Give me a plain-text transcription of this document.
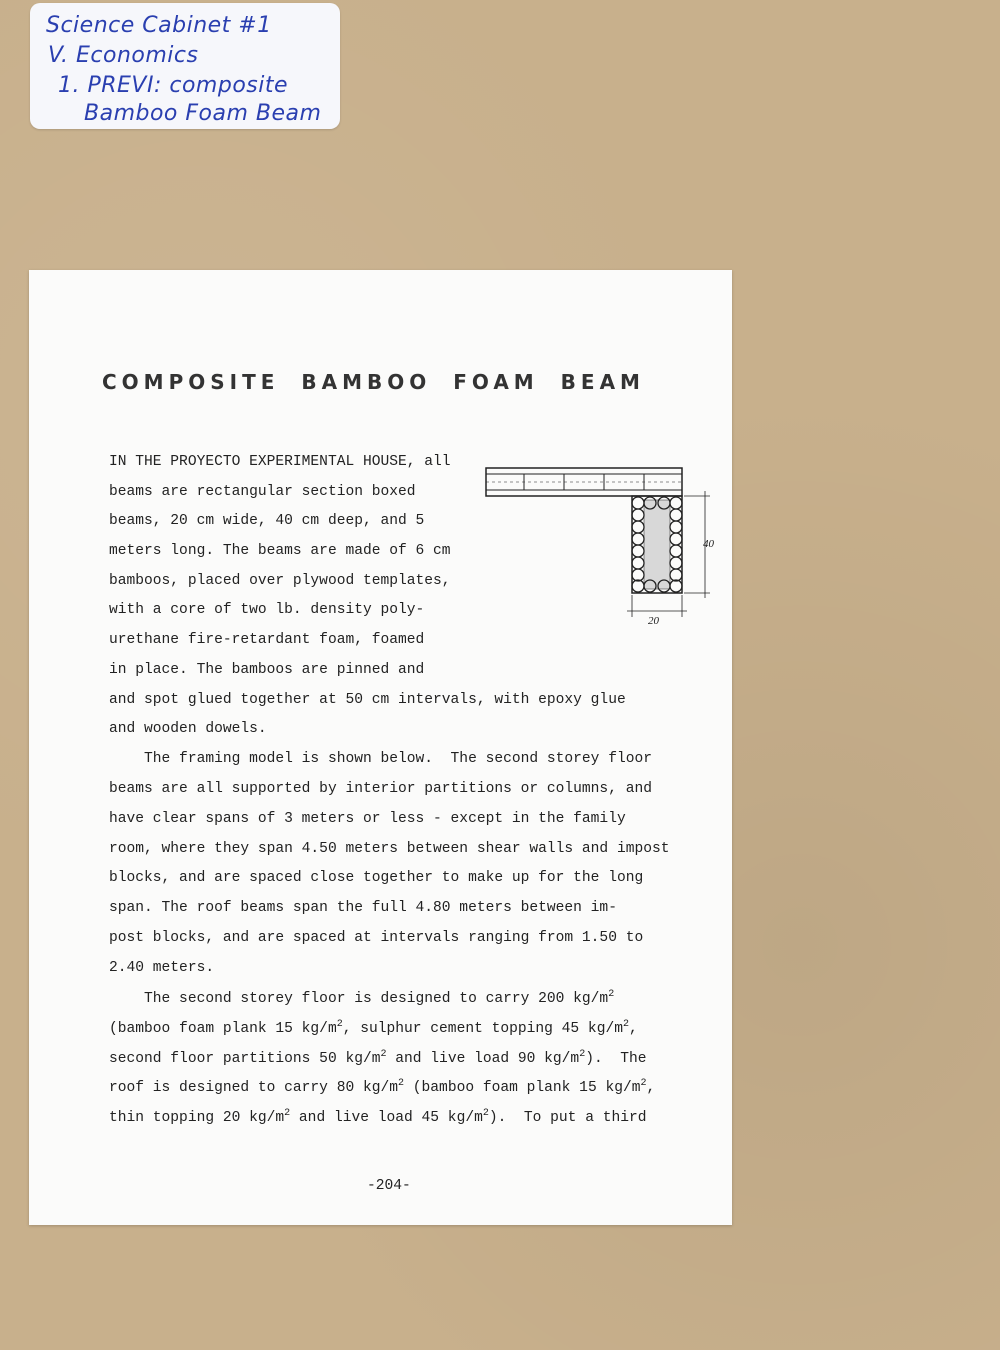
Science Cabinet #1

V. Economics

1. PREVI: composite

Bamboo Foam Beam

COMPOSITE BAMBOO FOAM BEAM

IN THE PROYECTO EXPERIMENTAL HOUSE, all

beams are rectangular section boxed

beams, 20 cm wide, 40 cm deep, and 5

meters long. The beams are made of 6 cm

bamboos, placed over plywood templates,

with a core of two lb. density poly-

urethane fire-retardant foam, foamed

in place. The bamboos are pinned and

and spot glued together at 50 cm intervals, with epoxy glue

and wooden dowels.

The framing model is shown below.  The second storey floor

beams are all supported by interior partitions or columns, and

have clear spans of 3 meters or less - except in the family

room, where they span 4.50 meters between shear walls and impost

blocks, and are spaced close together to make up for the long

span. The roof beams span the full 4.80 meters between im-

post blocks, and are spaced at intervals ranging from 1.50 to

2.40 meters.

The second storey floor is designed to carry 200 $kg/m^2$

(bamboo foam plank 15 $kg/m^2$, sulphur cement topping 45 $kg/m^2$,

second floor partitions 50 $kg/m^2$ and live load 90 $kg/m^2$).  The

roof is designed to carry 80 $kg/m^2$ (bamboo foam plank 15 $kg/m^2$,

thin topping 20 $kg/m^2$ and live load 45 $kg/m^2$).  To put a third

40
20

-204-
